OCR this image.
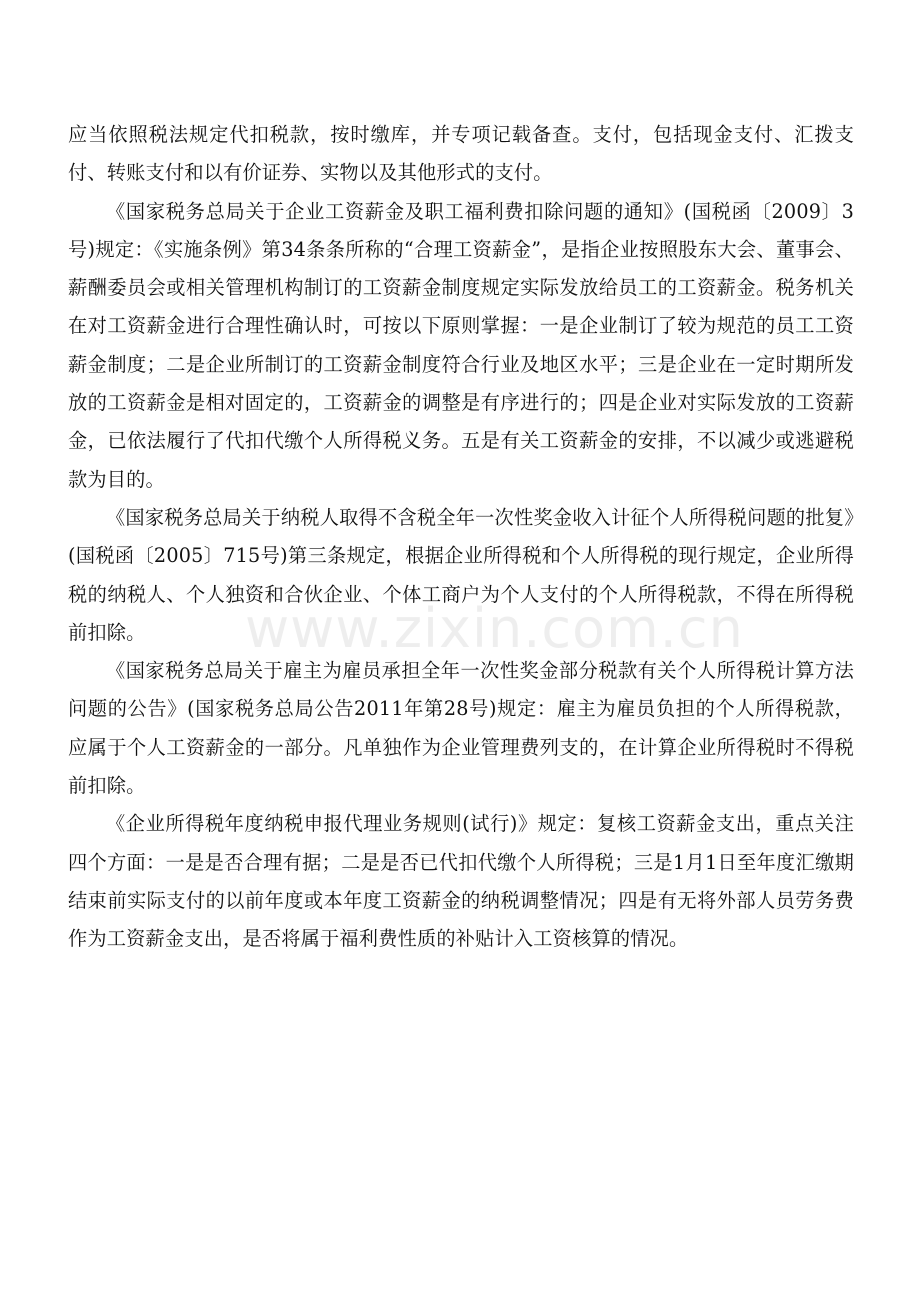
www.zixin.com.cn

应当依照税法规定代扣税款，按时缴库，并专项记载备查。支付，包括现金支付、汇拨支付、转账支付和以有价证券、实物以及其他形式的支付。

《国家税务总局关于企业工资薪金及职工福利费扣除问题的通知》(国税函〔2009〕3号)规定：《实施条例》第34条条所称的“合理工资薪金”，是指企业按照股东大会、董事会、薪酬委员会或相关管理机构制订的工资薪金制度规定实际发放给员工的工资薪金。税务机关在对工资薪金进行合理性确认时，可按以下原则掌握：一是企业制订了较为规范的员工工资薪金制度；二是企业所制订的工资薪金制度符合行业及地区水平；三是企业在一定时期所发放的工资薪金是相对固定的，工资薪金的调整是有序进行的；四是企业对实际发放的工资薪金，已依法履行了代扣代缴个人所得税义务。五是有关工资薪金的安排，不以减少或逃避税款为目的。

《国家税务总局关于纳税人取得不含税全年一次性奖金收入计征个人所得税问题的批复》(国税函〔2005〕715号)第三条规定，根据企业所得税和个人所得税的现行规定，企业所得税的纳税人、个人独资和合伙企业、个体工商户为个人支付的个人所得税款，不得在所得税前扣除。

《国家税务总局关于雇主为雇员承担全年一次性奖金部分税款有关个人所得税计算方法问题的公告》(国家税务总局公告2011年第28号)规定：雇主为雇员负担的个人所得税款，应属于个人工资薪金的一部分。凡单独作为企业管理费列支的，在计算企业所得税时不得税前扣除。

《企业所得税年度纳税申报代理业务规则(试行)》规定：复核工资薪金支出，重点关注四个方面：一是是否合理有据；二是是否已代扣代缴个人所得税；三是1月1日至年度汇缴期结束前实际支付的以前年度或本年度工资薪金的纳税调整情况；四是有无将外部人员劳务费作为工资薪金支出，是否将属于福利费性质的补贴计入工资核算的情况。
